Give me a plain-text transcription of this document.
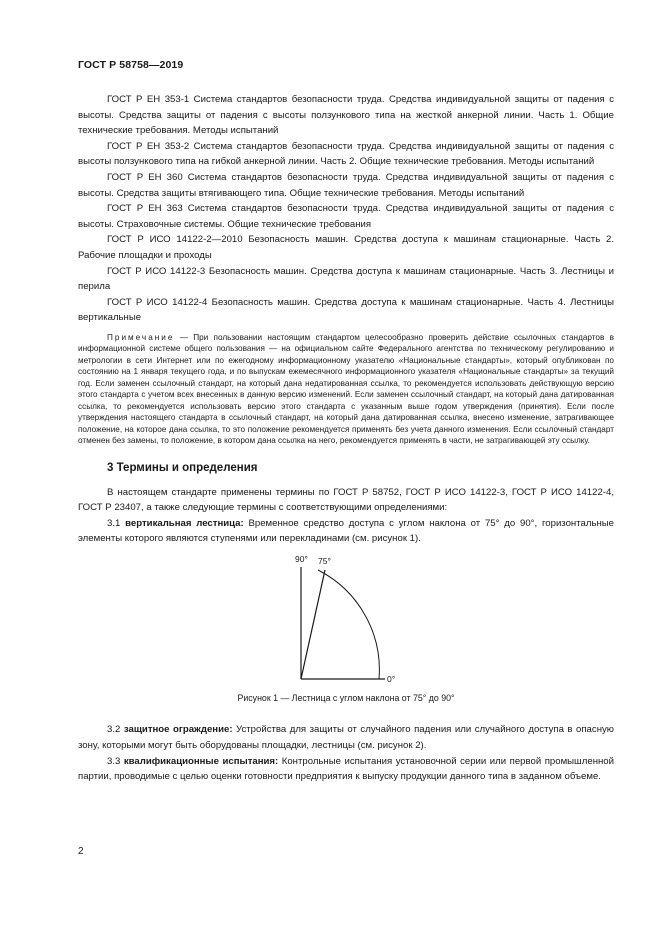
ГОСТ Р 58758—2019

ГОСТ Р ЕН 353-1 Система стандартов безопасности труда. Средства индивидуальной защиты от падения с высоты. Средства защиты от падения с высоты ползункового типа на жесткой анкерной линии. Часть 1. Общие технические требования. Методы испытаний

ГОСТ Р ЕН 353-2 Система стандартов безопасности труда. Средства индивидуальной защиты от падения с высоты ползункового типа на гибкой анкерной линии. Часть 2. Общие технические требования. Методы испытаний

ГОСТ Р ЕН 360 Система стандартов безопасности труда. Средства индивидуальной защиты от падения с высоты. Средства защиты втягивающего типа. Общие технические требования. Методы испытаний

ГОСТ Р ЕН 363 Система стандартов безопасности труда. Средства индивидуальной защиты от падения с высоты. Страховочные системы. Общие технические требования

ГОСТ Р ИСО 14122-2—2010 Безопасность машин. Средства доступа к машинам стационарные. Часть 2. Рабочие площадки и проходы

ГОСТ Р ИСО 14122-3 Безопасность машин. Средства доступа к машинам стационарные. Часть 3. Лестницы и перила

ГОСТ Р ИСО 14122-4 Безопасность машин. Средства доступа к машинам стационарные. Часть 4. Лестницы вертикальные

Примечание — При пользовании настоящим стандартом целесообразно проверить действие ссылочных стандартов в информационной системе общего пользования — на официальном сайте Федерального агентства по техническому регулированию и метрологии в сети Интернет или по ежегодному информационному указателю «Национальные стандарты», который опубликован по состоянию на 1 января текущего года, и по выпускам ежемесячного информационного указателя «Национальные стандарты» за текущий год. Если заменен ссылочный стандарт, на который дана недатированная ссылка, то рекомендуется использовать действующую версию этого стандарта с учетом всех внесенных в данную версию изменений. Если заменен ссылочный стандарт, на который дана датированная ссылка, то рекомендуется использовать версию этого стандарта с указанным выше годом утверждения (принятия). Если после утверждения настоящего стандарта в ссылочный стандарт, на который дана датированная ссылка, внесено изменение, затрагивающее положение, на которое дана ссылка, то это положение рекомендуется применять без учета данного изменения. Если ссылочный стандарт отменен без замены, то положение, в котором дана ссылка на него, рекомендуется применять в части, не затрагивающей эту ссылку.

3 Термины и определения

В настоящем стандарте применены термины по ГОСТ Р 58752, ГОСТ Р ИСО 14122-3, ГОСТ Р ИСО 14122-4, ГОСТ Р 23407, а также следующие термины с соответствующими определениями:

3.1 вертикальная лестница: Временное средство доступа с углом наклона от 75° до 90°, горизонтальные элементы которого являются ступенями или перекладинами (см. рисунок 1).

90° 75°
0°
Рисунок 1 — Лестница с углом наклона от 75° до 90°

3.2 защитное ограждение: Устройства для защиты от случайного падения или случайного доступа в опасную зону, которыми могут быть оборудованы площадки, лестницы (см. рисунок 2).

3.3 квалификационные испытания: Контрольные испытания установочной серии или первой промышленной партии, проводимые с целью оценки готовности предприятия к выпуску продукции данного типа в заданном объеме.

2
